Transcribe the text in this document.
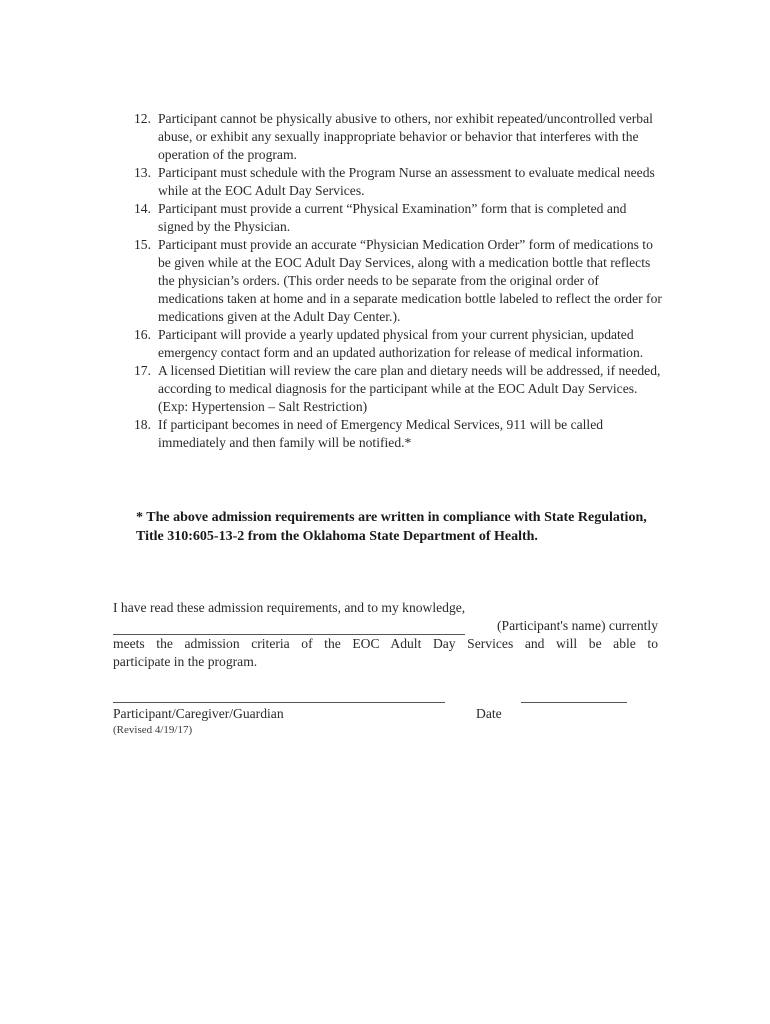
12. Participant cannot be physically abusive to others, nor exhibit repeated/uncontrolled verbal abuse, or exhibit any sexually inappropriate behavior or behavior that interferes with the operation of the program.
13. Participant must schedule with the Program Nurse an assessment to evaluate medical needs while at the EOC Adult Day Services.
14. Participant must provide a current “Physical Examination” form that is completed and signed by the Physician.
15. Participant must provide an accurate “Physician Medication Order” form of medications to be given while at the EOC Adult Day Services, along with a medication bottle that reflects the physician’s orders. (This order needs to be separate from the original order of medications taken at home and in a separate medication bottle labeled to reflect the order for medications given at the Adult Day Center.).
16. Participant will provide a yearly updated physical from your current physician, updated emergency contact form and an updated authorization for release of medical information.
17. A licensed Dietitian will review the care plan and dietary needs will be addressed, if needed, according to medical diagnosis for the participant while at the EOC Adult Day Services. (Exp: Hypertension – Salt Restriction)
18. If participant becomes in need of Emergency Medical Services, 911 will be called immediately and then family will be notified.*
* The above admission requirements are written in compliance with State Regulation, Title 310:605-13-2 from the Oklahoma State Department of Health.
I have read these admission requirements, and to my knowledge,
(Participant's name) currently
meets the admission criteria of the EOC Adult Day Services and will be able to
participate in the program.
Participant/Caregiver/Guardian	Date
(Revised 4/19/17)
